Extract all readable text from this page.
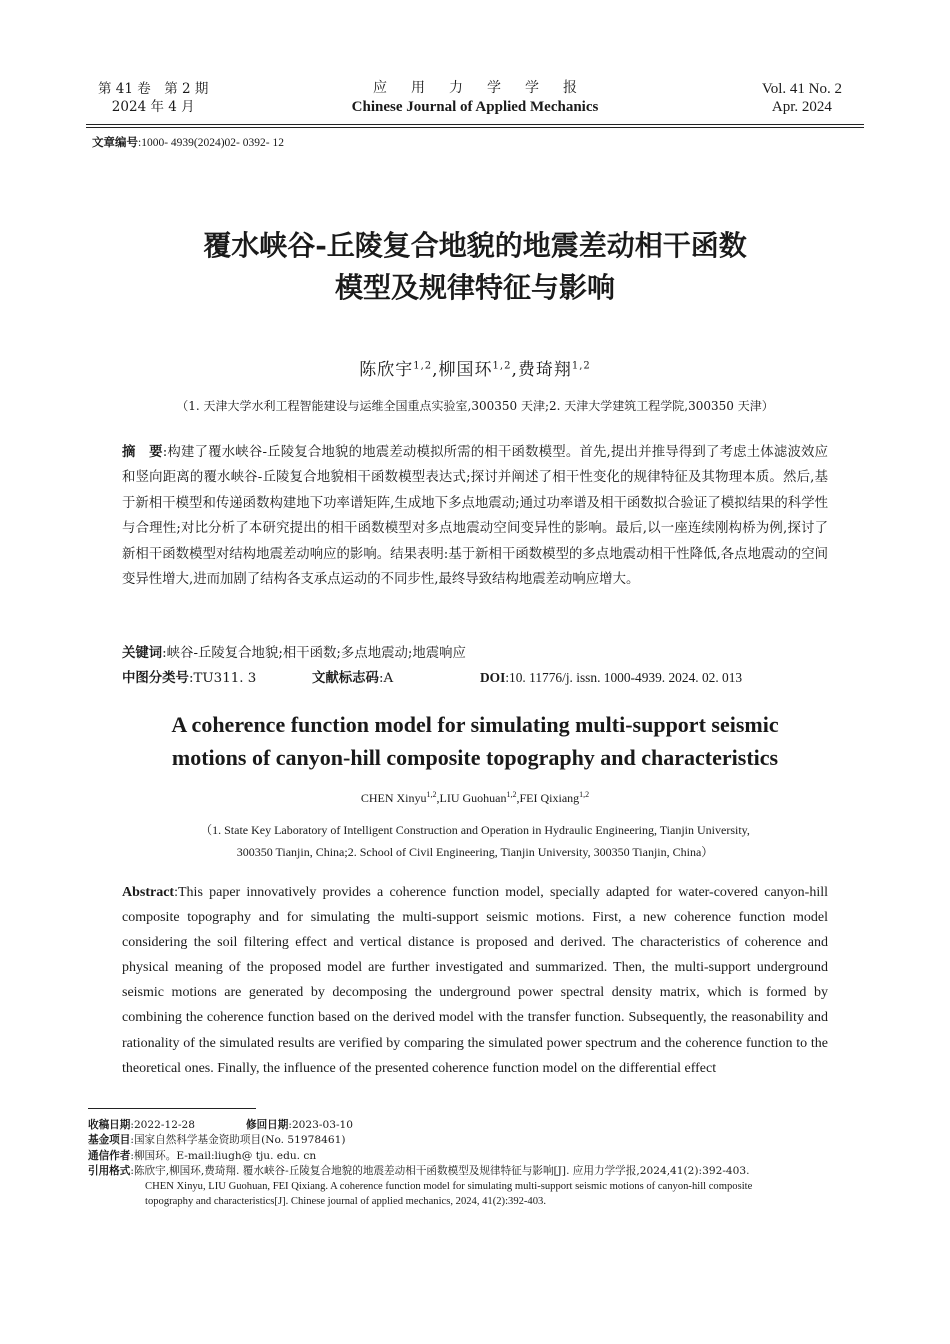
第 41 卷　第 2 期
2024 年 4 月
应用力学学报
Chinese Journal of Applied Mechanics
Vol. 41 No. 2
Apr. 2024
文章编号:1000- 4939(2024)02- 0392- 12
覆水峡谷-丘陵复合地貌的地震差动相干函数
模型及规律特征与影响
陈欣宇$^{1,2}$,柳国环$^{1,2}$,费琦翔$^{1,2}$
（1. 天津大学水利工程智能建设与运维全国重点实验室,300350 天津;2. 天津大学建筑工程学院,300350 天津）
摘　要:构建了覆水峡谷-丘陵复合地貌的地震差动模拟所需的相干函数模型。首先,提出并推导得到了考虑土体滤波效应和竖向距离的覆水峡谷-丘陵复合地貌相干函数模型表达式;探讨并阐述了相干性变化的规律特征及其物理本质。然后,基于新相干模型和传递函数构建地下功率谱矩阵,生成地下多点地震动;通过功率谱及相干函数拟合验证了模拟结果的科学性与合理性;对比分析了本研究提出的相干函数模型对多点地震动空间变异性的影响。最后,以一座连续刚构桥为例,探讨了新相干函数模型对结构地震差动响应的影响。结果表明:基于新相干函数模型的多点地震动相干性降低,各点地震动的空间变异性增大,进而加剧了结构各支承点运动的不同步性,最终导致结构地震差动响应增大。
关键词:峡谷-丘陵复合地貌;相干函数;多点地震动;地震响应
中图分类号:TU311. 3	文献标志码:A	DOI:10. 11776/j. issn. 1000-4939. 2024. 02. 013
A coherence function model for simulating multi-support seismic
motions of canyon-hill composite topography and characteristics
CHEN Xinyu$^{1,2}$,LIU Guohuan$^{1,2}$,FEI Qixiang$^{1,2}$
（1. State Key Laboratory of Intelligent Construction and Operation in Hydraulic Engineering, Tianjin University,
300350 Tianjin, China;2. School of Civil Engineering, Tianjin University, 300350 Tianjin, China）
Abstract:This paper innovatively provides a coherence function model, specially adapted for water-covered canyon-hill composite topography and for simulating the multi-support seismic motions. First, a new coherence function model considering the soil filtering effect and vertical distance is proposed and derived. The characteristics of coherence and physical meaning of the proposed model are further investigated and summarized. Then, the multi-support underground seismic motions are generated by decomposing the underground power spectral density matrix, which is formed by combining the coherence function based on the derived model with the transfer function. Subsequently, the reasonability and rationality of the simulated results are verified by comparing the simulated power spectrum and the coherence function to the theoretical ones. Finally, the influence of the presented coherence function model on the differential effect
收稿日期:2022-12-28	修回日期:2023-03-10
基金项目:国家自然科学基金资助项目(No. 51978461)
通信作者:柳国环。E-mail:liugh@ tju. edu. cn
引用格式:陈欣宇,柳国环,费琦翔. 覆水峡谷-丘陵复合地貌的地震差动相干函数模型及规律特征与影响[J]. 应用力学学报,2024,41(2):392-403.
CHEN Xinyu, LIU Guohuan, FEI Qixiang. A coherence function model for simulating multi-support seismic motions of canyon-hill composite
topography and characteristics[J]. Chinese journal of applied mechanics, 2024, 41(2):392-403.
